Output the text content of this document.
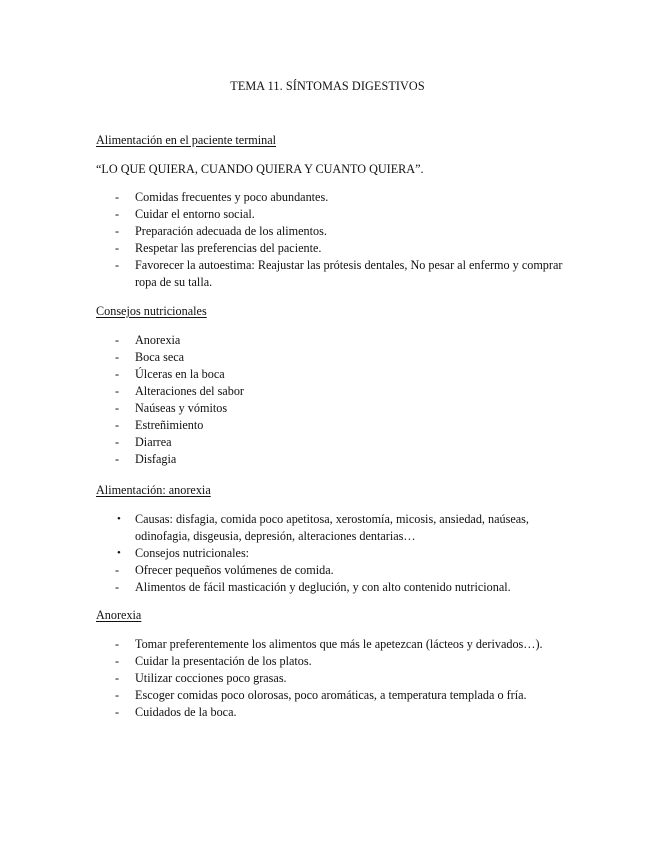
TEMA 11. SÍNTOMAS DIGESTIVOS
Alimentación en el paciente terminal
“LO QUE QUIERA, CUANDO QUIERA Y CUANTO QUIERA”.
- Comidas frecuentes y poco abundantes.
- Cuidar el entorno social.
- Preparación adecuada de los alimentos.
- Respetar las preferencias del paciente.
- Favorecer la autoestima: Reajustar las prótesis dentales, No pesar al enfermo y comprar ropa de su talla.
Consejos nutricionales
- Anorexia
- Boca seca
- Úlceras en la boca
- Alteraciones del sabor
- Naúseas y vómitos
- Estreñimiento
- Diarrea
- Disfagia
Alimentación: anorexia
• Causas: disfagia, comida poco apetitosa, xerostomía, micosis, ansiedad, naúseas, odinofagia, disgeusia, depresión, alteraciones dentarias…
• Consejos nutricionales:
- Ofrecer pequeños volúmenes de comida.
- Alimentos de fácil masticación y deglución, y con alto contenido nutricional.
Anorexia
- Tomar preferentemente los alimentos que más le apetezcan (lácteos y derivados…).
- Cuidar la presentación de los platos.
- Utilizar cocciones poco grasas.
- Escoger comidas poco olorosas, poco aromáticas, a temperatura templada o fría.
- Cuidados de la boca.
